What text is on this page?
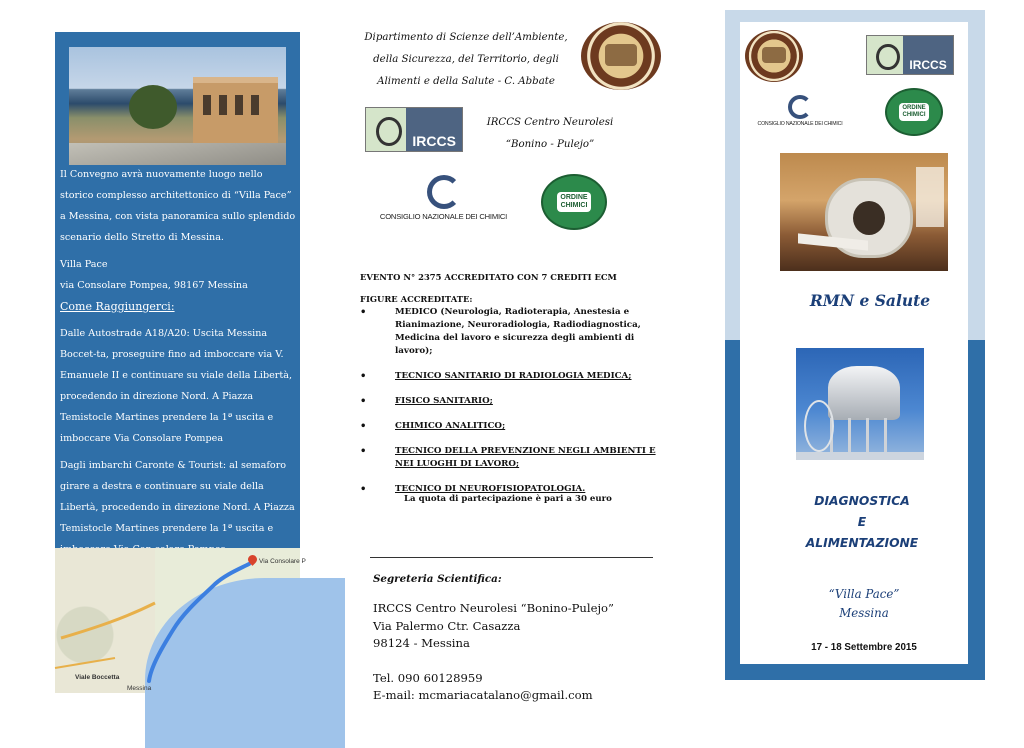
Il Convegno avrà nuovamente luogo nello storico complesso architettonico di “Villa Pace” a Messina, con vista panoramica sullo splendido scenario dello Stretto di Messina.

Villa Pace

via Consolare Pompea, 98167 Messina

Come Raggiungerci:

Dalle Autostrade A18/A20: Uscita Messina Boccet-ta, proseguire fino ad imboccare via V. Emanuele II e continuare su viale della Libertà, procedendo in direzione Nord. A Piazza Temistocle Martines prendere la 1ª uscita e imboccare Via Consolare Pompea

Dagli imbarchi Caronte & Tourist: al semaforo girare a destra e continuare su viale della Libertà, procedendo in direzione Nord. A Piazza Temistocle Martines prendere la 1ª uscita e

Via Consolare P
Viale Boccetta
Messina
Dipartimento di Scienze dell’Ambiente,
della Sicurezza, del Territorio, degli
Alimenti e della Salute - C. Abbate
IRCCS
IRCCS Centro Neurolesi
“Bonino - Pulejo”
CONSIGLIO NAZIONALE DEI CHIMICI
ORDINE
CHIMICI
EVENTO N° 2375 ACCREDITATO CON 7 CREDITI ECM
FIGURE ACCREDITATE:
• MEDICO (Neurologia, Radioterapia, Anestesia e Rianimazione, Neuroradiologia, Radiodiagnostica, Medicina del lavoro e sicurezza degli ambienti di lavoro);
• TECNICO SANITARIO DI RADIOLOGIA MEDICA;
• FISICO SANITARIO;
• CHIMICO ANALITICO;
• TECNICO DELLA PREVENZIONE NEGLI AMBIENTI E NEI LUOGHI DI LAVORO;
• TECNICO DI NEUROFISIOPATOLOGIA.
La quota di partecipazione è pari a 30 euro
Segreteria Scientifica:
IRCCS Centro Neurolesi “Bonino-Pulejo”
Via Palermo Ctr. Casazza
98124 - Messina
Tel. 090 60128959
E-mail: mcmariacatalano@gmail.com
IRCCS
CONSIGLIO NAZIONALE DEI CHIMICI
ORDINE
CHIMICI
RMN e Salute
DIAGNOSTICA
E
ALIMENTAZIONE
“Villa Pace”
Messina
17 - 18 Settembre 2015
